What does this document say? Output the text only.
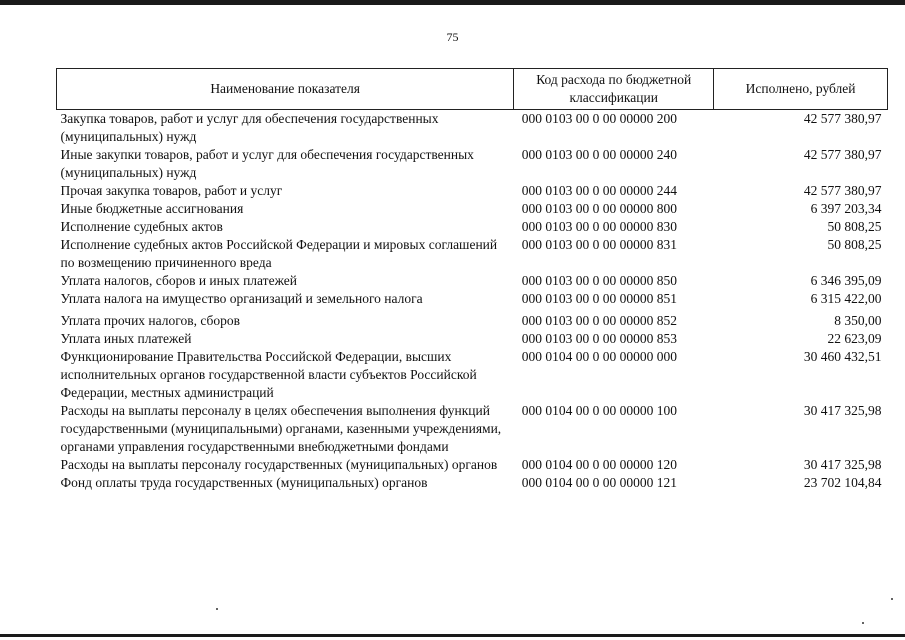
75
Наименование показателя	Код расхода по бюджетной классификации	Исполнено, рублей
Закупка товаров, работ и услуг для обеспечения государственных (муниципальных) нужд	000 0103 00 0 00 00000 200	42 577 380,97
Иные закупки товаров, работ и услуг для обеспечения государственных (муниципальных) нужд	000 0103 00 0 00 00000 240	42 577 380,97
Прочая закупка товаров, работ и услуг	000 0103 00 0 00 00000 244	42 577 380,97
Иные бюджетные ассигнования	000 0103 00 0 00 00000 800	6 397 203,34
Исполнение судебных актов	000 0103 00 0 00 00000 830	50 808,25
Исполнение судебных актов Российской Федерации и мировых соглашений по возмещению причиненного вреда	000 0103 00 0 00 00000 831	50 808,25
Уплата налогов, сборов и иных платежей	000 0103 00 0 00 00000 850	6 346 395,09
Уплата налога на имущество организаций и земельного налога	000 0103 00 0 00 00000 851	6 315 422,00
Уплата прочих налогов, сборов	000 0103 00 0 00 00000 852	8 350,00
Уплата иных платежей	000 0103 00 0 00 00000 853	22 623,09
Функционирование Правительства Российской Федерации, высших исполнительных органов государственной власти субъектов Российской Федерации, местных администраций	000 0104 00 0 00 00000 000	30 460 432,51
Расходы на выплаты персоналу в целях обеспечения выполнения функций государственными (муниципальными) органами, казенными учреждениями, органами управления государственными внебюджетными фондами	000 0104 00 0 00 00000 100	30 417 325,98
Расходы на выплаты персоналу государственных (муниципальных) органов	000 0104 00 0 00 00000 120	30 417 325,98
Фонд оплаты труда государственных (муниципальных) органов	000 0104 00 0 00 00000 121	23 702 104,84
